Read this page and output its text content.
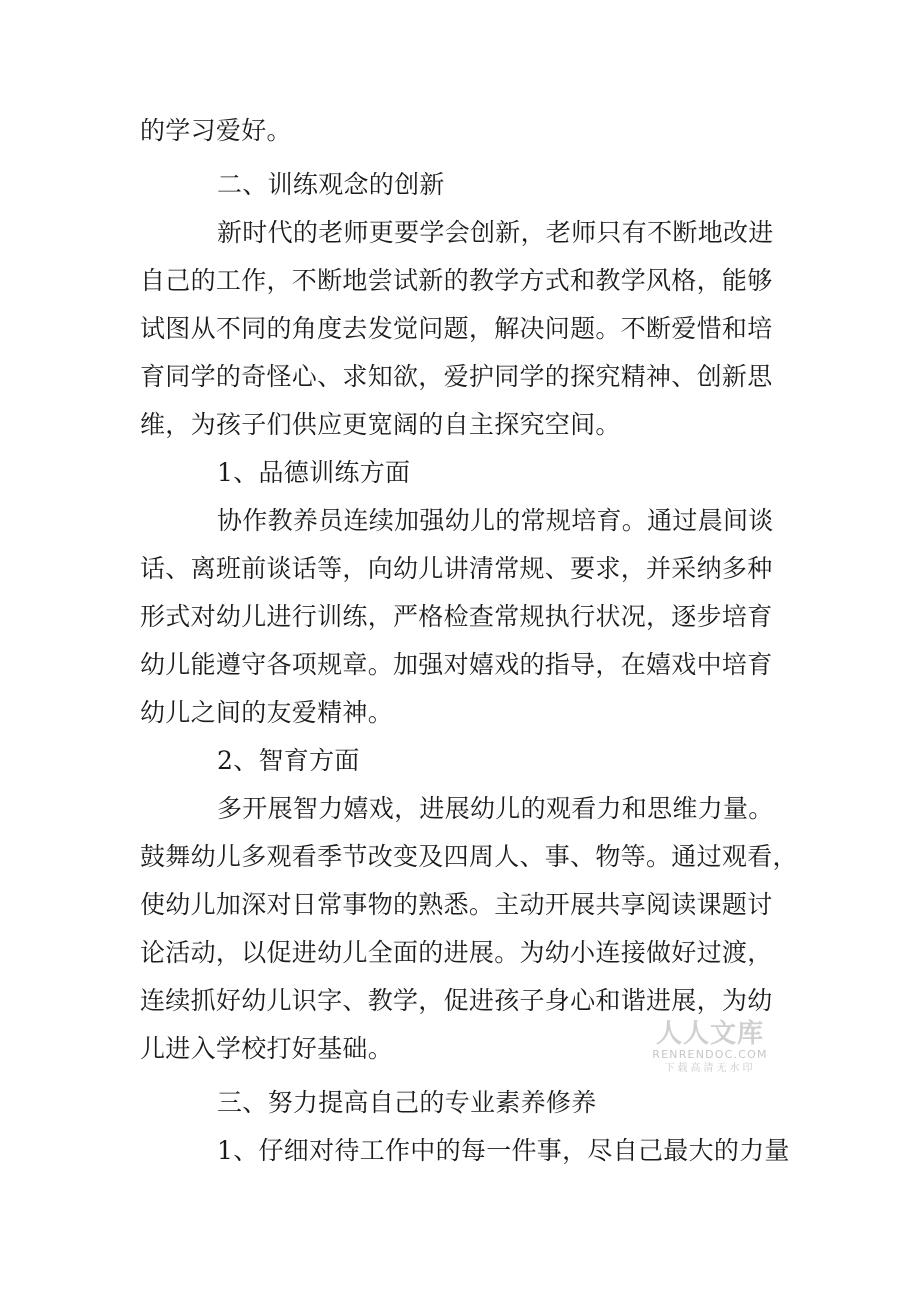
的学习爱好。
二、训练观念的创新
新时代的老师更要学会创新，老师只有不断地改进
自己的工作，不断地尝试新的教学方式和教学风格，能够
试图从不同的角度去发觉问题，解决问题。不断爱惜和培
育同学的奇怪心、求知欲，爱护同学的探究精神、创新思
维，为孩子们供应更宽阔的自主探究空间。
1、品德训练方面
协作教养员连续加强幼儿的常规培育。通过晨间谈
话、离班前谈话等，向幼儿讲清常规、要求，并采纳多种
形式对幼儿进行训练，严格检查常规执行状况，逐步培育
幼儿能遵守各项规章。加强对嬉戏的指导，在嬉戏中培育
幼儿之间的友爱精神。
2、智育方面
多开展智力嬉戏，进展幼儿的观看力和思维力量。
鼓舞幼儿多观看季节改变及四周人、事、物等。通过观看，
使幼儿加深对日常事物的熟悉。主动开展共享阅读课题讨
论活动，以促进幼儿全面的进展。为幼小连接做好过渡，
连续抓好幼儿识字、教学，促进孩子身心和谐进展，为幼
儿进入学校打好基础。
三、努力提高自己的专业素养修养
1、仔细对待工作中的每一件事，尽自己最大的力量
人人文库
RENRENDOC.COM
下载高清无水印
